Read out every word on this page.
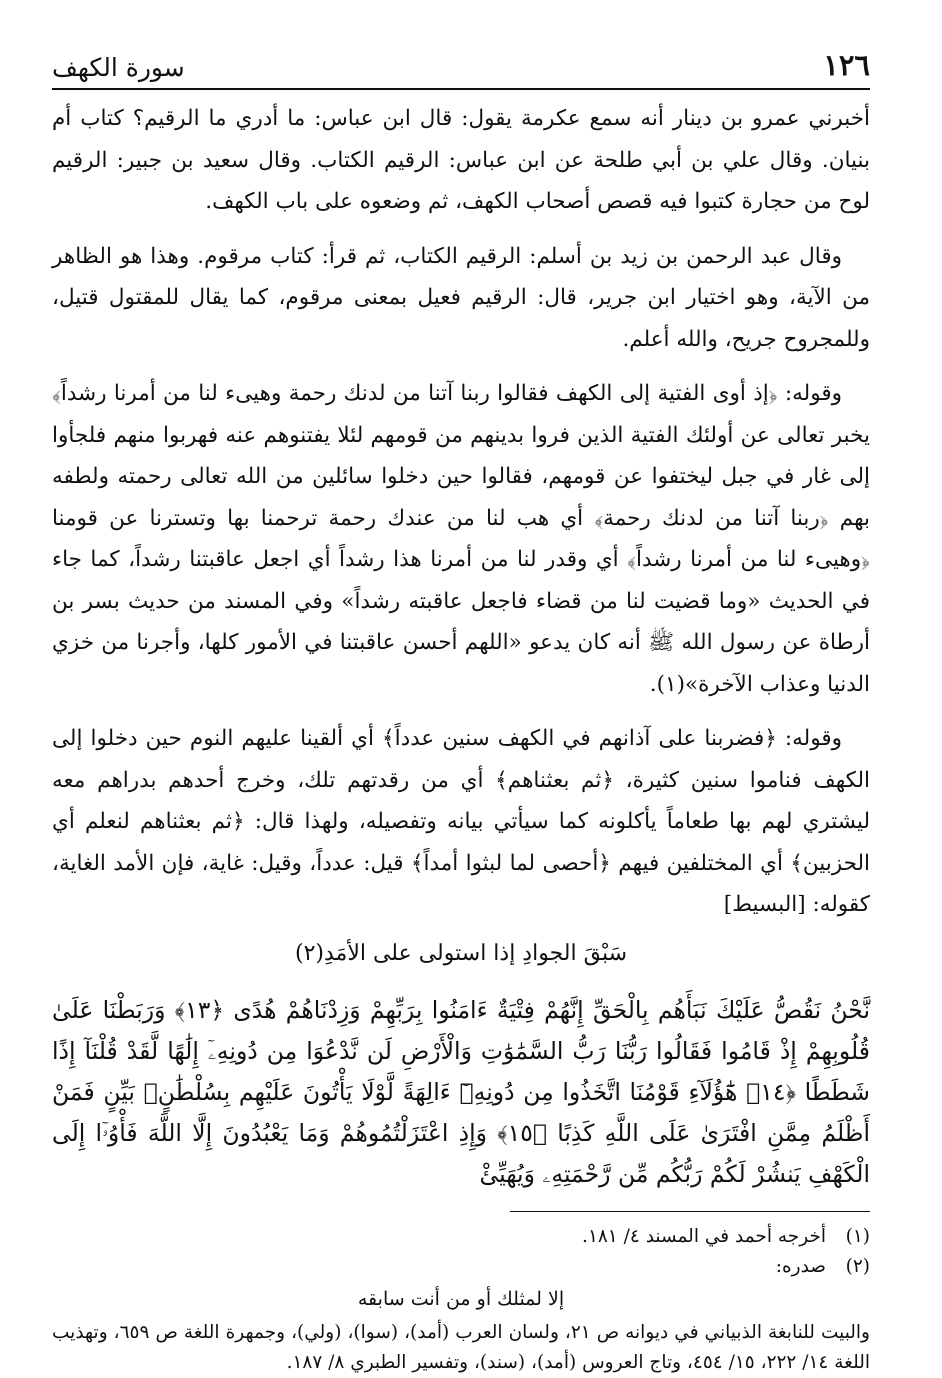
١٢٦
سورة الكهف

أخبرني عمرو بن دينار أنه سمع عكرمة يقول: قال ابن عباس: ما أدري ما الرقيم؟ كتاب أم بنيان. وقال علي بن أبي طلحة عن ابن عباس: الرقيم الكتاب. وقال سعيد بن جبير: الرقيم لوح من حجارة كتبوا فيه قصص أصحاب الكهف، ثم وضعوه على باب الكهف.

وقال عبد الرحمن بن زيد بن أسلم: الرقيم الكتاب، ثم قرأ: كتاب مرقوم. وهذا هو الظاهر من الآية، وهو اختيار ابن جرير، قال: الرقيم فعيل بمعنى مرقوم، كما يقال للمقتول قتيل، وللمجروح جريح، والله أعلم.

وقوله: ﴿إذ أوى الفتية إلى الكهف فقالوا ربنا آتنا من لدنك رحمة وهيىء لنا من أمرنا رشداً﴾ يخبر تعالى عن أولئك الفتية الذين فروا بدينهم من قومهم لئلا يفتنوهم عنه فهربوا منهم فلجأوا إلى غار في جبل ليختفوا عن قومهم، فقالوا حين دخلوا سائلين من الله تعالى رحمته ولطفه بهم ﴿ربنا آتنا من لدنك رحمة﴾ أي هب لنا من عندك رحمة ترحمنا بها وتسترنا عن قومنا ﴿وهيىء لنا من أمرنا رشداً﴾ أي وقدر لنا من أمرنا هذا رشداً أي اجعل عاقبتنا رشداً، كما جاء في الحديث «وما قضيت لنا من قضاء فاجعل عاقبته رشداً» وفي المسند من حديث بسر بن أرطاة عن رسول الله ﷺ أنه كان يدعو «اللهم أحسن عاقبتنا في الأمور كلها، وأجرنا من خزي الدنيا وعذاب الآخرة»(١).

وقوله: ﴿فضربنا على آذانهم في الكهف سنين عدداً﴾ أي ألقينا عليهم النوم حين دخلوا إلى الكهف فناموا سنين كثيرة، ﴿ثم بعثناهم﴾ أي من رقدتهم تلك، وخرج أحدهم بدراهم معه ليشتري لهم بها طعاماً يأكلونه كما سيأتي بيانه وتفصيله، ولهذا قال: ﴿ثم بعثناهم لنعلم أي الحزبين﴾ أي المختلفين فيهم ﴿أحصى لما لبثوا أمداً﴾ قيل: عدداً، وقيل: غاية، فإن الأمد الغاية، كقوله: [البسيط]

سَبْقَ الجوادِ إذا استولى على الأمَدِ(٢)
نَّحْنُ نَقُصُّ عَلَيْكَ نَبَأَهُم بِالْحَقِّ إِنَّهُمْ فِتْيَةٌ ءَامَنُوا بِرَبِّهِمْ وَزِدْنَاهُمْ هُدًى ﴿١٣﴾ وَرَبَطْنَا عَلَىٰ قُلُوبِهِمْ إِذْ قَامُوا فَقَالُوا رَبُّنَا رَبُّ السَّمَٰوَٰتِ وَالْأَرْضِ لَن نَّدْعُوَا مِن دُونِهِۦٓ إِلَٰهًا لَّقَدْ قُلْنَآ إِذًا شَطَطًا ﴿١٤﴾ هَٰٓؤُلَآءِ قَوْمُنَا اتَّخَذُوا مِن دُونِهِۦٓ ءَالِهَةً لَّوْلَا يَأْتُونَ عَلَيْهِم بِسُلْطَٰنٍۭ بَيِّنٍ فَمَنْ أَظْلَمُ مِمَّنِ افْتَرَىٰ عَلَى اللَّهِ كَذِبًا ﴿١٥﴾ وَإِذِ اعْتَزَلْتُمُوهُمْ وَمَا يَعْبُدُونَ إِلَّا اللَّهَ فَأْوُۥٓا إِلَى الْكَهْفِ يَنشُرْ لَكُمْ رَبُّكُم مِّن رَّحْمَتِهِۦ وَيُهَيِّئْ
(١)
أخرجه أحمد في المسند ٤/ ١٨١.
(٢)
صدره:
إلا لمثلك أو من أنت سابقه
والبيت للنابغة الذبياني في ديوانه ص ٢١، ولسان العرب (أمد)، (سوا)، (ولي)، وجمهرة اللغة ص ٦٥٩، وتهذيب اللغة ١٤/ ٢٢٢، ١٥/ ٤٥٤، وتاج العروس (أمد)، (سند)، وتفسير الطبري ٨/ ١٨٧.
